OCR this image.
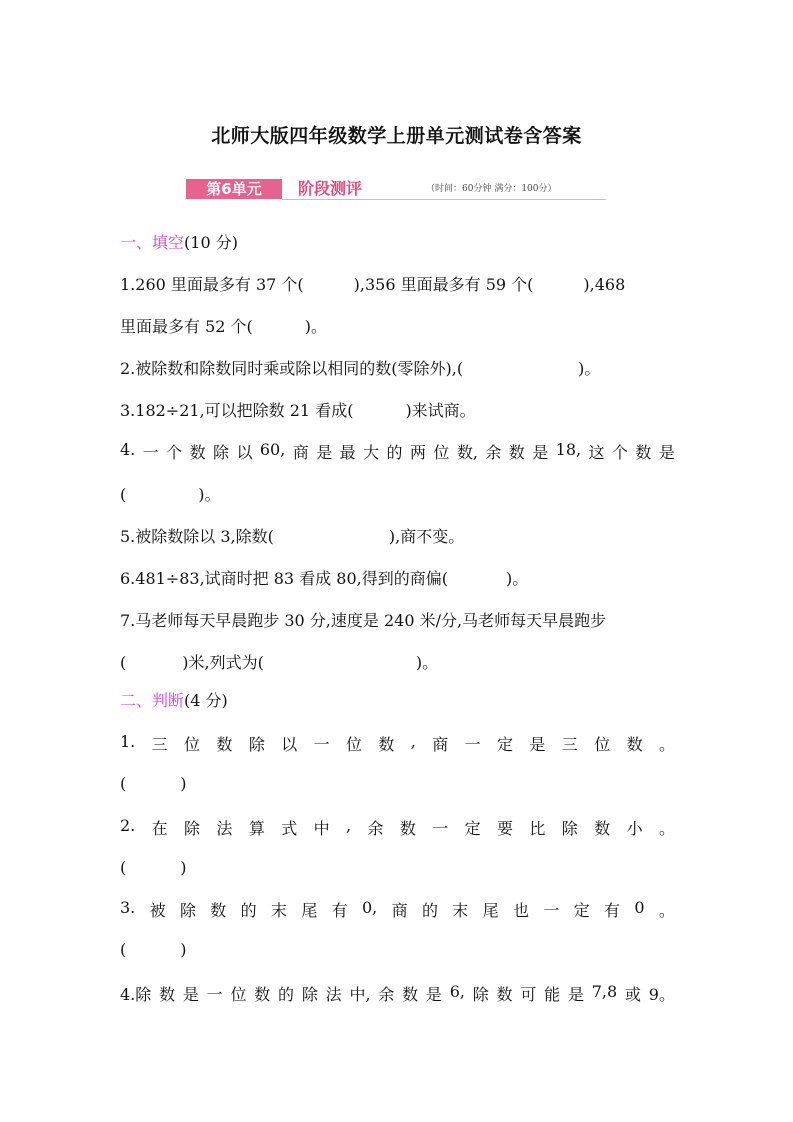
北师大版四年级数学上册单元测试卷含答案
第6单元	阶段测评	（时间：60分钟 满分：100分）
一、填空(10 分)
1.260 里面最多有 37 个(	),356 里面最多有 59 个(	),468
里面最多有 52 个(	)。
2.被除数和除数同时乘或除以相同的数(零除外),(	)。
3.182÷21,可以把除数 21 看成(	)来试商。
4. 一 个 数 除 以 60, 商 是 最 大 的 两 位 数, 余 数 是 18, 这 个 数 是
(	)。
5.被除数除以 3,除数(	),商不变。
6.481÷83,试商时把 83 看成 80,得到的商偏(	)。
7.马老师每天早晨跑步 30 分,速度是 240 米/分,马老师每天早晨跑步
(	)米,列式为(	)。
二、判断(4 分)
1. 三 位 数 除 以 一 位 数 , 商 一 定 是 三 位 数 。
(	)
2. 在 除 法 算 式 中 , 余 数 一 定 要 比 除 数 小 。
(	)
3. 被 除 数 的 末 尾 有 0, 商 的 末 尾 也 一 定 有 0 。
(	)
4.除 数 是 一 位 数 的 除 法 中, 余 数 是 6, 除 数 可 能 是 7,8 或 9。
